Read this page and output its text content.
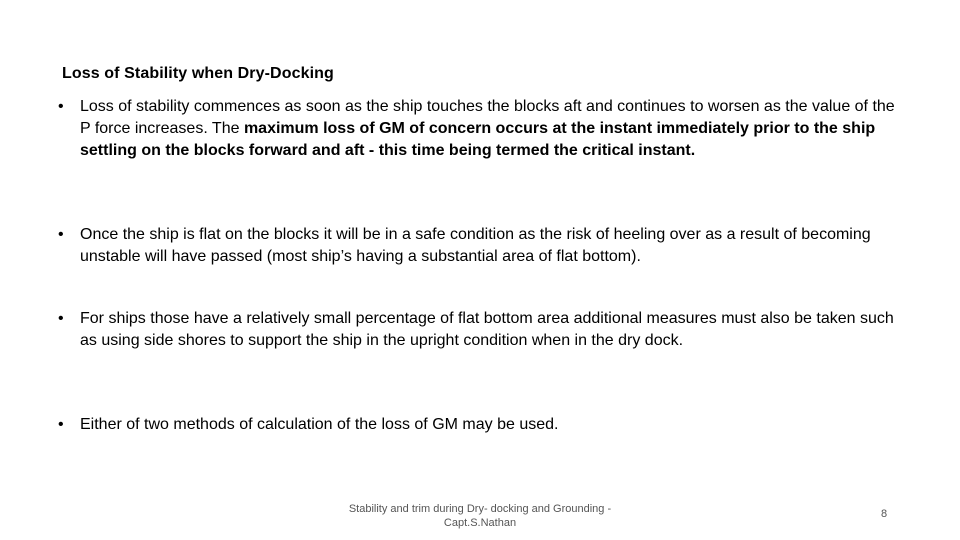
Loss of Stability when Dry-Docking
•	Loss of stability commences as soon as the ship touches the blocks aft and continues to worsen as the value of the P force increases. The maximum loss of GM of concern occurs at the instant immediately prior to the ship settling on the blocks forward and aft - this time being termed the critical instant.
•	Once the ship is flat on the blocks it will be in a safe condition as the risk of heeling over as a result of becoming unstable will have passed (most ship’s having a substantial area of flat bottom).
•	For ships those have a relatively small percentage of flat bottom area additional measures must also be taken such as using side shores to support the ship in the upright condition when in the dry dock.
•	Either of two methods of calculation of the loss of GM may be used.
Stability and trim during Dry- docking and Grounding -
Capt.S.Nathan
8
